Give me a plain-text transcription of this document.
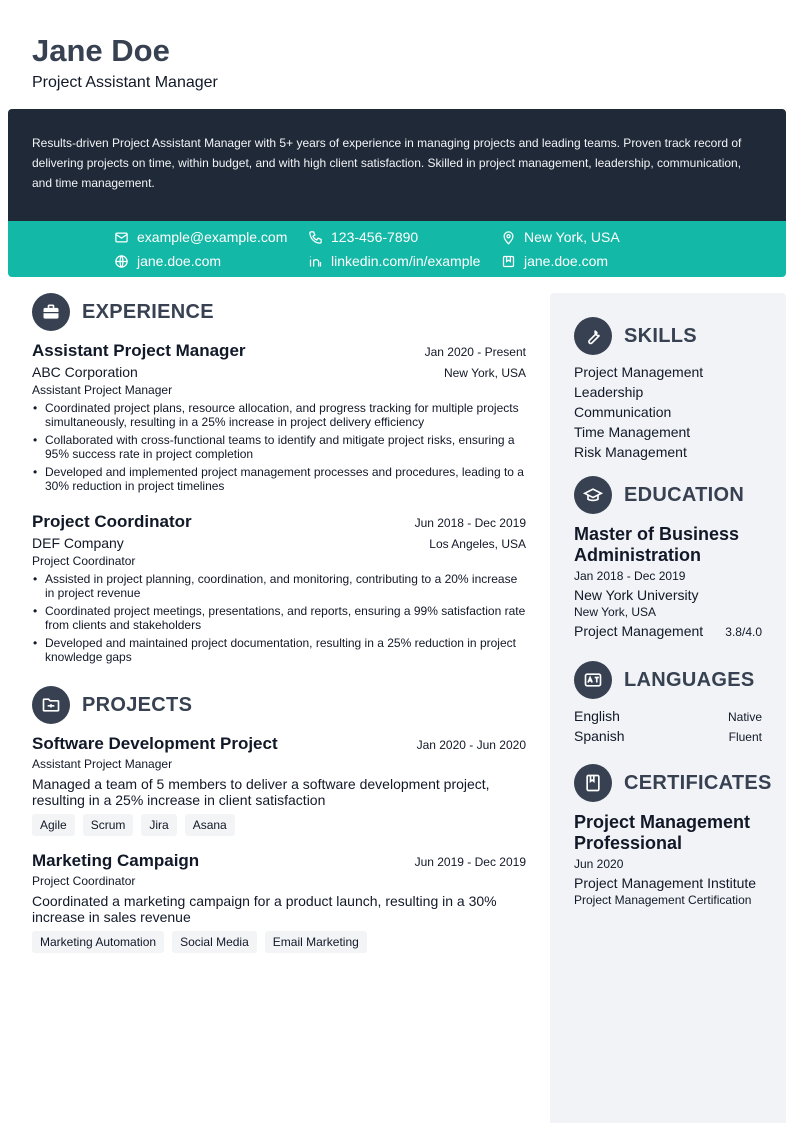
Jane Doe
Project Assistant Manager

Results-driven Project Assistant Manager with 5+ years of experience in managing projects and leading teams. Proven track record of delivering projects on time, within budget, and with high client satisfaction. Skilled in project management, leadership, communication, and time management.

example@example.com	123-456-7890	New York, USA
jane.doe.com	linkedin.com/in/example	jane.doe.com
EXPERIENCE
Assistant Project Manager	Jan 2020 - Present
ABC Corporation	New York, USA
Assistant Project Manager
• Coordinated project plans, resource allocation, and progress tracking for multiple projects simultaneously, resulting in a 25% increase in project delivery efficiency
• Collaborated with cross-functional teams to identify and mitigate project risks, ensuring a 95% success rate in project completion
• Developed and implemented project management processes and procedures, leading to a 30% reduction in project timelines
Project Coordinator	Jun 2018 - Dec 2019
DEF Company	Los Angeles, USA
Project Coordinator
• Assisted in project planning, coordination, and monitoring, contributing to a 20% increase in project revenue
• Coordinated project meetings, presentations, and reports, ensuring a 99% satisfaction rate from clients and stakeholders
• Developed and maintained project documentation, resulting in a 25% reduction in project knowledge gaps
PROJECTS
Software Development Project	Jan 2020 - Jun 2020
Assistant Project Manager
Managed a team of 5 members to deliver a software development project, resulting in a 25% increase in client satisfaction
Agile	Scrum	Jira	Asana
Marketing Campaign	Jun 2019 - Dec 2019
Project Coordinator
Coordinated a marketing campaign for a product launch, resulting in a 30% increase in sales revenue
Marketing Automation	Social Media	Email Marketing
SKILLS
Project Management
Leadership
Communication
Time Management
Risk Management
EDUCATION
Master of Business Administration
Jan 2018 - Dec 2019
New York University
New York, USA
Project Management 3.8/4.0
LANGUAGES
English	Native
Spanish	Fluent
CERTIFICATES
Project Management Professional
Jun 2020
Project Management Institute
Project Management Certification
